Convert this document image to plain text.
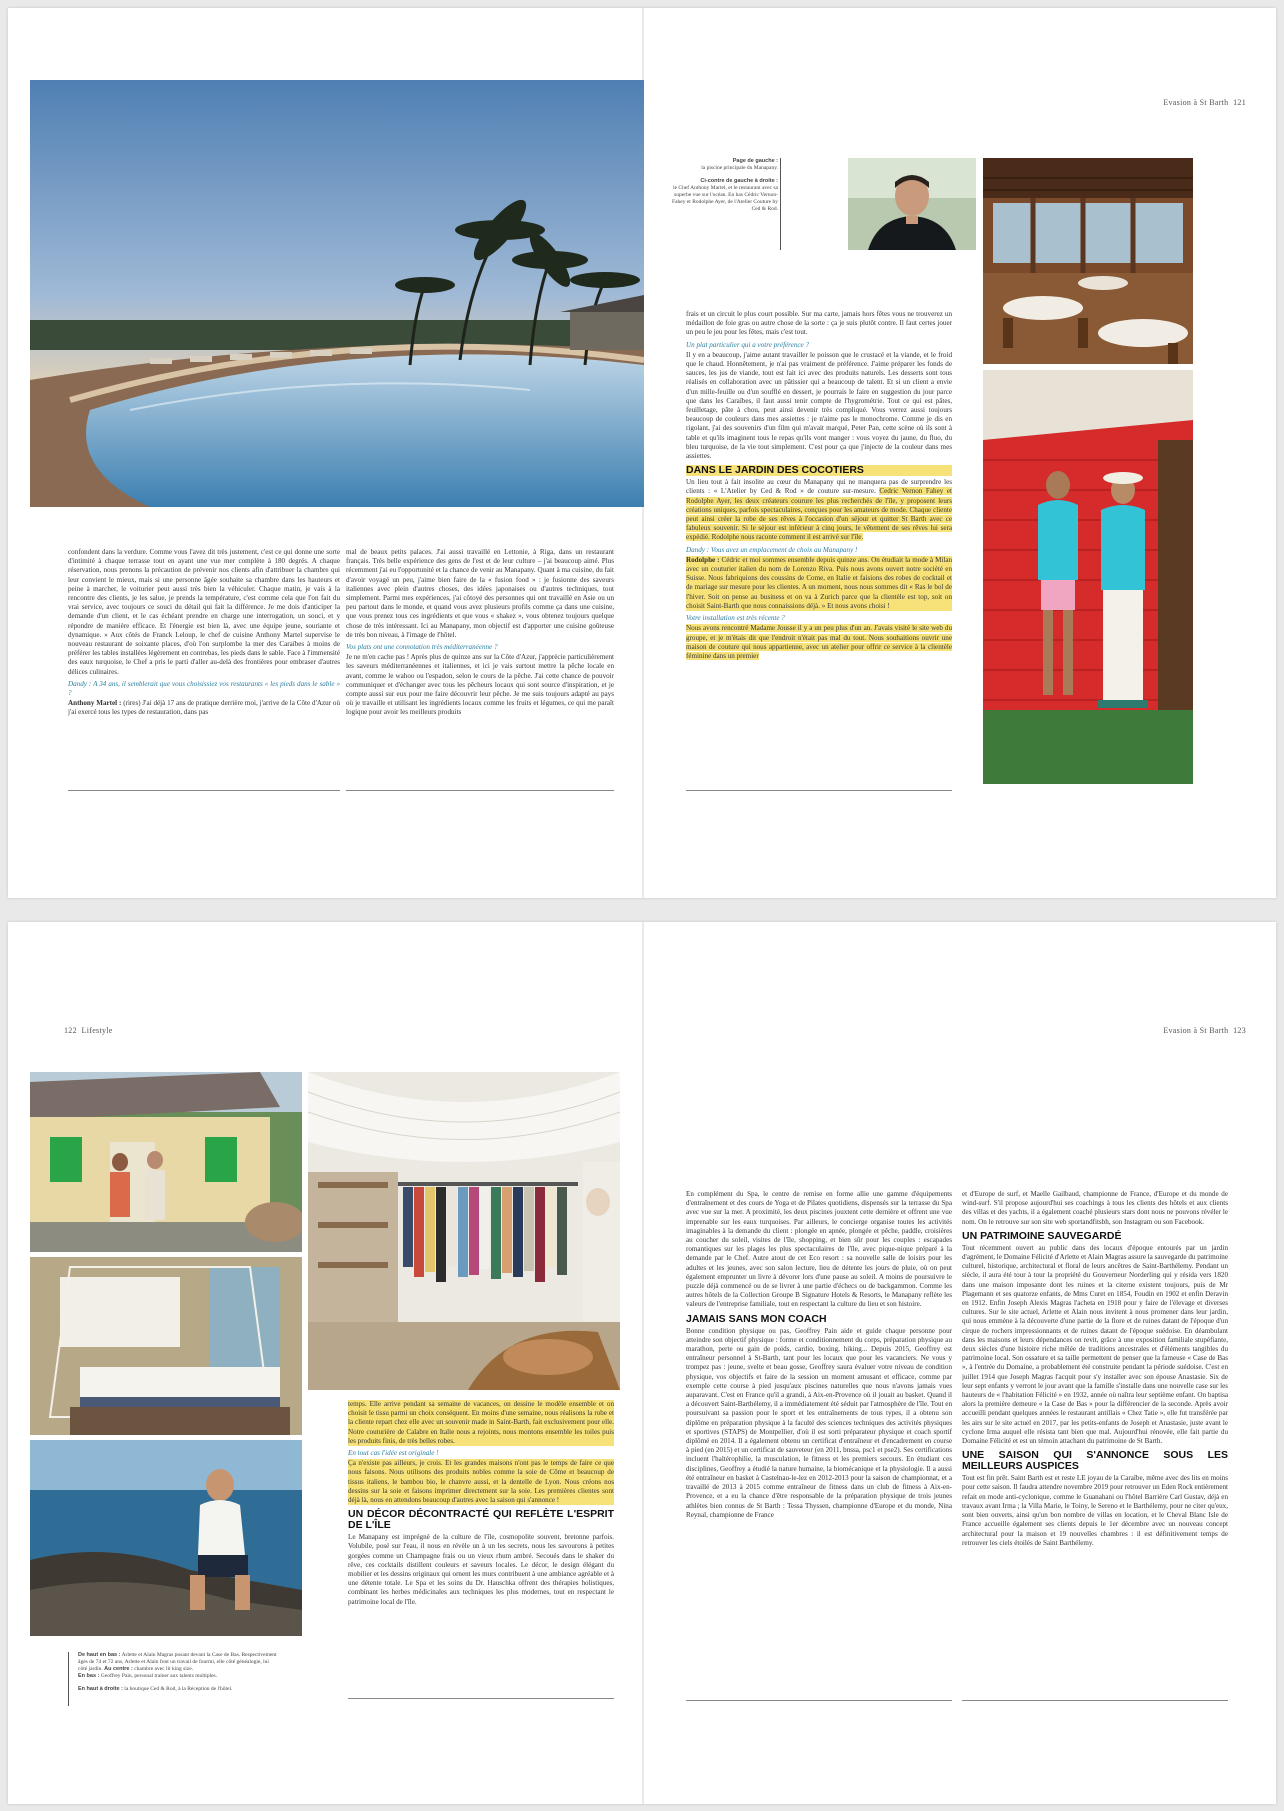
Evasion à St Barth 121
Page de gauche :
la piscine principale du Manapany.
Ci-contre de gauche à droite :
le Chef Anthony Martel, et le restaurant avec sa superbe vue sur l'océan. En bas Cédric Vernon-Fahey et Rodolphe Ayer, de l'Atelier Couture by Ced & Rod.

confondent dans la verdure. Comme vous l'avez dit très justement, c'est ce qui donne une sorte d'intimité à chaque terrasse tout en ayant une vue mer complète à 180 degrés. A chaque réservation, nous prenons la précaution de prévenir nos clients afin d'attribuer la chambre qui leur convient le mieux, mais si une personne âgée souhaite sa chambre dans les hauteurs et peine à marcher, le voiturier peut aussi très bien la véhiculer. Chaque matin, je vais à la rencontre des clients, je les salue, je prends la température, c'est comme cela que l'on fait du vrai service, avec toujours ce souci du détail qui fait la différence. Je me dois d'anticiper la demande d'un client, et le cas échéant prendre en charge une interrogation, un souci, et y répondre de manière efficace. Et l'énergie est bien là, avec une équipe jeune, souriante et dynamique. » Aux côtés de Franck Leloup, le chef de cuisine Anthony Martel supervise le nouveau restaurant de soixante places, d'où l'on surplombe la mer des Caraïbes à moins de préférer les tables installées légèrement en contrebas, les pieds dans le sable. Face à l'immensité des eaux turquoise, le Chef a pris le parti d'aller au-delà des frontières pour embraser d'autres délices culinaires.

Dandy : A 34 ans, il semblerait que vous choisissiez vos restaurants « les pieds dans le sable » ?

Anthony Martel : (rires) J'ai déjà 17 ans de pratique derrière moi, j'arrive de la Côte d'Azur où j'ai exercé tous les types de restauration, dans pas

mal de beaux petits palaces. J'ai aussi travaillé en Lettonie, à Riga, dans un restaurant français. Très belle expérience des gens de l'est et de leur culture – j'ai beaucoup aimé. Plus récemment j'ai eu l'opportunité et la chance de venir au Manapany. Quant à ma cuisine, du fait d'avoir voyagé un peu, j'aime bien faire de la « fusion food » : je fusionne des saveurs italiennes avec plein d'autres choses, des idées japonaises ou d'autres techniques, tout simplement. Parmi mes expériences, j'ai côtoyé des personnes qui ont travaillé en Asie ou un peu partout dans le monde, et quand vous avez plusieurs profils comme ça dans une cuisine, que vous prenez tous ces ingrédients et que vous « shakez », vous obtenez toujours quelque chose de très intéressant. Ici au Manapany, mon objectif est d'apporter une cuisine goûteuse de très bon niveau, à l'image de l'hôtel.

Vos plats ont une connotation très méditerranéenne ?

Je ne m'en cache pas ! Après plus de quinze ans sur la Côte d'Azur, j'apprécie particulièrement les saveurs méditerranéennes et italiennes, et ici je vais surtout mettre la pêche locale en avant, comme le wahoo ou l'espadon, selon le cours de la pêche. J'ai cette chance de pouvoir communiquer et d'échanger avec tous les pêcheurs locaux qui sont source d'inspiration, et je compte aussi sur eux pour me faire découvrir leur pêche. Je me suis toujours adapté au pays où je travaille et utilisant les ingrédients locaux comme les fruits et légumes, ce qui me paraît logique pour avoir les meilleurs produits

frais et un circuit le plus court possible. Sur ma carte, jamais hors fêtes vous ne trouverez un médaillon de foie gras ou autre chose de la sorte : ça je suis plutôt contre. Il faut certes jouer un peu le jeu pour les fêtes, mais c'est tout.

Un plat particulier qui a votre préférence ?

Il y en a beaucoup, j'aime autant travailler le poisson que le crustacé et la viande, et le froid que le chaud. Honnêtement, je n'ai pas vraiment de préférence. J'aime préparer les fonds de sauces, les jus de viande, tout est fait ici avec des produits naturels. Les desserts sont tous réalisés en collaboration avec un pâtissier qui a beaucoup de talent. Et si un client a envie d'un mille-feuille ou d'un soufflé en dessert, je pourrais le faire en suggestion du jour parce que dans les Caraïbes, il faut aussi tenir compte de l'hygrométrie. Tout ce qui est pâtes, feuilletage, pâte à chou, peut ainsi devenir très compliqué. Vous verrez aussi toujours beaucoup de couleurs dans mes assiettes : je n'aime pas le monochrome. Comme je dis en rigolant, j'ai des souvenirs d'un film qui m'avait marqué, Peter Pan, cette scène où ils sont à table et qu'ils imaginent tous le repas qu'ils vont manger : vous voyez du jaune, du fluo, du bleu turquoise, de la vie tout simplement. C'est pour ça que j'injecte de la couleur dans mes assiettes.

DANS LE JARDIN DES COCOTIERS

Un lieu tout à fait insolite au cœur du Manapany qui ne manquera pas de surprendre les clients : « L'Atelier by Ced & Rod » de couture sur-mesure. Cedric Vernon Fahey et Rodolphe Ayer, les deux créateurs courure les plus recherchés de l'île, y proposent leurs créations uniques, parfois spectaculaires, conçues pour les amateurs de mode. Chaque cliente peut ainsi créer la robe de ses rêves à l'occasion d'un séjour et quitter St Barth avec ce fabuleux souvenir. Si le séjour est inférieur à cinq jours, le vêtement de ses rêves lui sera expédié. Rodolphe nous raconte comment il est arrivé sur l'île.

Dandy : Vous avez un emplacement de choix au Manapany !

Rodolphe : Cédric et moi sommes ensemble depuis quinze ans. On étudiait la mode à Milan avec un couturier italien du nom de Lorenzo Riva. Puis nous avons ouvert notre société en Suisse. Nous fabriquions des coussins de Come, en Italie et faisions des robes de cocktail et de mariage sur mesure pour les clientes. A un moment, nous nous sommes dit « Ras le bol de l'hiver. Soit on pense au business et on va à Zurich parce que la clientèle est top, soit on choisit Saint-Barth que nous connaissions déjà. » Et nous avons choisi !

Votre installation est très récente ?

Nous avons rencontré Madame Jousse il y a un peu plus d'un an. J'avais visité le site web du groupe, et je m'étais dit que l'endroit n'était pas mal du tout. Nous souhaitions ouvrir une maison de couture qui nous appartienne, avec un atelier pour offrir ce service à la clientèle féminine dans un premier

122 Lifestyle	Evasion à St Barth 123
De haut en bas : Arlette et Alain Magras posant devant la Case de Bas. Respectivement âgés de 74 et 72 ans, Arlette et Alain font un travail de fourmi, elle côté généalogie, lui côté jardin. Au centre : chambre avec lit king size.
En bas : Geoffrey Pain, personal trainer aux talents multiples.
En haut à droite : la boutique Ced & Rod, à la Réception de l'hôtel.

temps. Elle arrive pendant sa semaine de vacances, on dessine le modèle ensemble et on choisit le tissu parmi un choix conséquent. En moins d'une semaine, nous réalisons la robe et la cliente repart chez elle avec un souvenir made in Saint-Barth, fait exclusivement pour elle. Notre couturière de Calabre en Italie nous a rejoints, nous montons ensemble les toiles puis les produits finis, de très belles robes.

En tout cas l'idée est originale !

Ça n'existe pas ailleurs, je crois. Et les grandes maisons n'ont pas le temps de faire ce que nous faisons. Nous utilisons des produits nobles comme la soie de Côme et beaucoup de tissus italiens, le bambou bio, le chanvre aussi, et la dentelle de Lyon. Nous créons nos dessins sur la soie et faisons imprimer directement sur la soie. Les premières clientes sont déjà là, nous en attendons beaucoup d'autres avec la saison qui s'annonce !

UN DÉCOR DÉCONTRACTÉ QUI REFLÈTE L'ESPRIT DE L'ÎLE

Le Manapany est imprégné de la culture de l'île, cosmopolite souvent, bretonne parfois. Volubile, posé sur l'eau, il nous en révèle un à un les secrets, nous les savourons à petites gorgées comme un Champagne frais ou un vieux rhum ambré. Secoués dans le shaker du rêve, ces cocktails distillent couleurs et saveurs locales. Le décor, le design élégant du mobilier et les dessins originaux qui ornent les murs contribuent à une ambiance agréable et à une détente totale. Le Spa et les soins du Dr. Hauschka offrent des thérapies holistiques, combinant les herbes médicinales aux techniques les plus modernes, tout en respectant le patrimoine local de l'île.

En complément du Spa, le centre de remise en forme allie une gamme d'équipements d'entraînement et des cours de Yoga et de Pilates quotidiens, dispensés sur la terrasse du Spa avec vue sur la mer. A proximité, les deux piscines jouxtent cette dernière et offrent une vue imprenable sur les eaux turquoises. Par ailleurs, le concierge organise toutes les activités imaginables à la demande du client : plongée en apnée, plongée et pêche, paddle, croisières au coucher du soleil, visites de l'île, shopping, et bien sûr pour les couples : escapades romantiques sur les plages les plus spectaculaires de l'île, avec pique-nique préparé à la demande par le Chef. Autre atout de cet Eco resort : sa nouvelle salle de loisirs pour les adultes et les jeunes, avec son salon lecture, lieu de détente les jours de pluie, où on peut également emprunter un livre à dévorer lors d'une pause au soleil. A moins de poursuivre le puzzle déjà commencé ou de se livrer à une partie d'échecs ou de backgammon. Comme les autres hôtels de la Collection Groupe B Signature Hotels & Resorts, le Manapany reflète les valeurs de l'entreprise familiale, tout en respectant la culture du lieu et son histoire.

JAMAIS SANS MON COACH

Bonne condition physique ou pas, Geoffrey Pain aide et guide chaque personne pour atteindre son objectif physique : forme et conditionnement du corps, préparation physique au marathon, perte ou gain de poids, cardio, boxing, hiking... Depuis 2015, Geoffrey est entraîneur personnel à St-Barth, tant pour les locaux que pour les vacanciers. Ne vous y trompez pas : jeune, svelte et beau gosse, Geoffrey saura évaluer votre niveau de condition physique, vos objectifs et faire de la session un moment amusant et efficace, comme par exemple cette course à pied jusqu'aux piscines naturelles que nous n'avons jamais vues auparavant. C'est en France qu'il a grandi, à Aix-en-Provence où il jouait au basket. Quand il a découvert Saint-Barthélemy, il a immédiatement été séduit par l'atmosphère de l'île. Tout en poursuivant sa passion pour le sport et les entraînements de tous types, il a obtenu son diplôme en préparation physique à la faculté des sciences techniques des activités physiques et sportives (STAPS) de Montpellier, d'où il est sorti préparateur physique et coach sportif diplômé en 2014. Il a également obtenu un certificat d'entraîneur et d'encadrement en course à pied (en 2015) et un certificat de sauveteur (en 2011, bnssa, psc1 et pse2). Ses certifications incluent l'haltérophilie, la musculation, le fitness et les premiers secours. En étudiant ces disciplines, Geoffrey a étudié la nature humaine, la biomécanique et la physiologie. Il a aussi été entraîneur en basket à Castelnau-le-lez en 2012-2013 pour la saison de championnat, et a travaillé de 2013 à 2015 comme entraîneur de fitness dans un club de fitness à Aix-en-Provence, et a eu la chance d'être responsable de la préparation physique de trois jeunes athlètes bien connus de St Barth : Tessa Thyssen, championne d'Europe et du monde, Nina Reynal, championne de France

et d'Europe de surf, et Maelle Gailbaud, championne de France, d'Europe et du monde de wind-surf. S'il propose aujourd'hui ses coachings à tous les clients des hôtels et aux clients des villas et des yachts, il a également coaché plusieurs stars dont nous ne pouvons révéler le nom. On le retrouve sur son site web sportandfitsbh, son Instagram ou son Facebook.

UN PATRIMOINE SAUVEGARDÉ

Tout récemment ouvert au public dans des locaux d'époque entourés par un jardin d'agrément, le Domaine Félicité d'Arlette et Alain Magras assure la sauvegarde du patrimoine culturel, historique, architectural et floral de leurs ancêtres de Saint-Barthélemy. Pendant un siècle, il aura été tour à tour la propriété du Gouverneur Norderling qui y résida vers 1820 dans une maison imposante dont les ruines et la citerne existent toujours, puis de Mr Plagemann et ses quatorze enfants, de Mms Curet en 1854, Foudin en 1902 et enfin Deravin en 1912. Enfin Joseph Alexis Magras l'achetа en 1918 pour y faire de l'élevage et diverses cultures. Sur le site actuel, Arlette et Alain nous invitent à nous promener dans leur jardin, qui nous emmène à la découverte d'une partie de la flore et de ruines datant de l'époque d'un cirque de rochers impressionnants et de ruines datant de l'époque suédoise. En déambulant dans les maisons et leurs dépendances on revit, grâce à une exposition familiale stupéfiante, deux siècles d'une histoire riche mêlée de traditions ancestrales et d'éléments tangibles du patrimoine local. Son ossature et sa taille permettent de penser que la fameuse « Case de Bas », à l'entrée du Domaine, a probablement été construite pendant la période suédoise. C'est en juillet 1914 que Joseph Magras l'acquit pour s'y installer avec son épouse Anastasie. Six de leur sept enfants y verront le jour avant que la famille s'installe dans une nouvelle case sur les hauteurs de « l'habitation Félicité » en 1932, année où naîtra leur septième enfant. On baptisa alors la première demeure « la Case de Bas » pour la différencier de la seconde. Après avoir accueilli pendant quelques années le restaurant antillais « Chez Tatie », elle fut transférée par les airs sur le site actuel en 2017, par les petits-enfants de Joseph et Anastasie, juste avant le cyclone Irma auquel elle résista tant bien que mal. Aujourd'hui rénovée, elle fait partie du Domaine Félicité et est un témoin attachant du patrimoine de St Barth.

UNE SAISON QUI S'ANNONCE SOUS LES MEILLEURS AUSPICES

Tout est fin prêt. Saint Barth est et reste LE joyau de la Caraïbe, même avec des lits en moins pour cette saison. Il faudra attendre novembre 2019 pour retrouver un Eden Rock entièrement refait en mode anti-cyclonique, comme le Guanahani ou l'hôtel Barrière Carl Gustav, déjà en travaux avant Irma ; la Villa Marie, le Toiny, le Sereno et le Barthélemy, pour ne citer qu'eux, sont bien ouverts, ainsi qu'un bon nombre de villas en location, et le Cheval Blanc Isle de France accueille également ses clients depuis le 1er décembre avec un nouveau concept architectural pour la maison et 19 nouvelles chambres : il est définitivement temps de retrouver les ciels étoilés de Saint Barthélemy.
